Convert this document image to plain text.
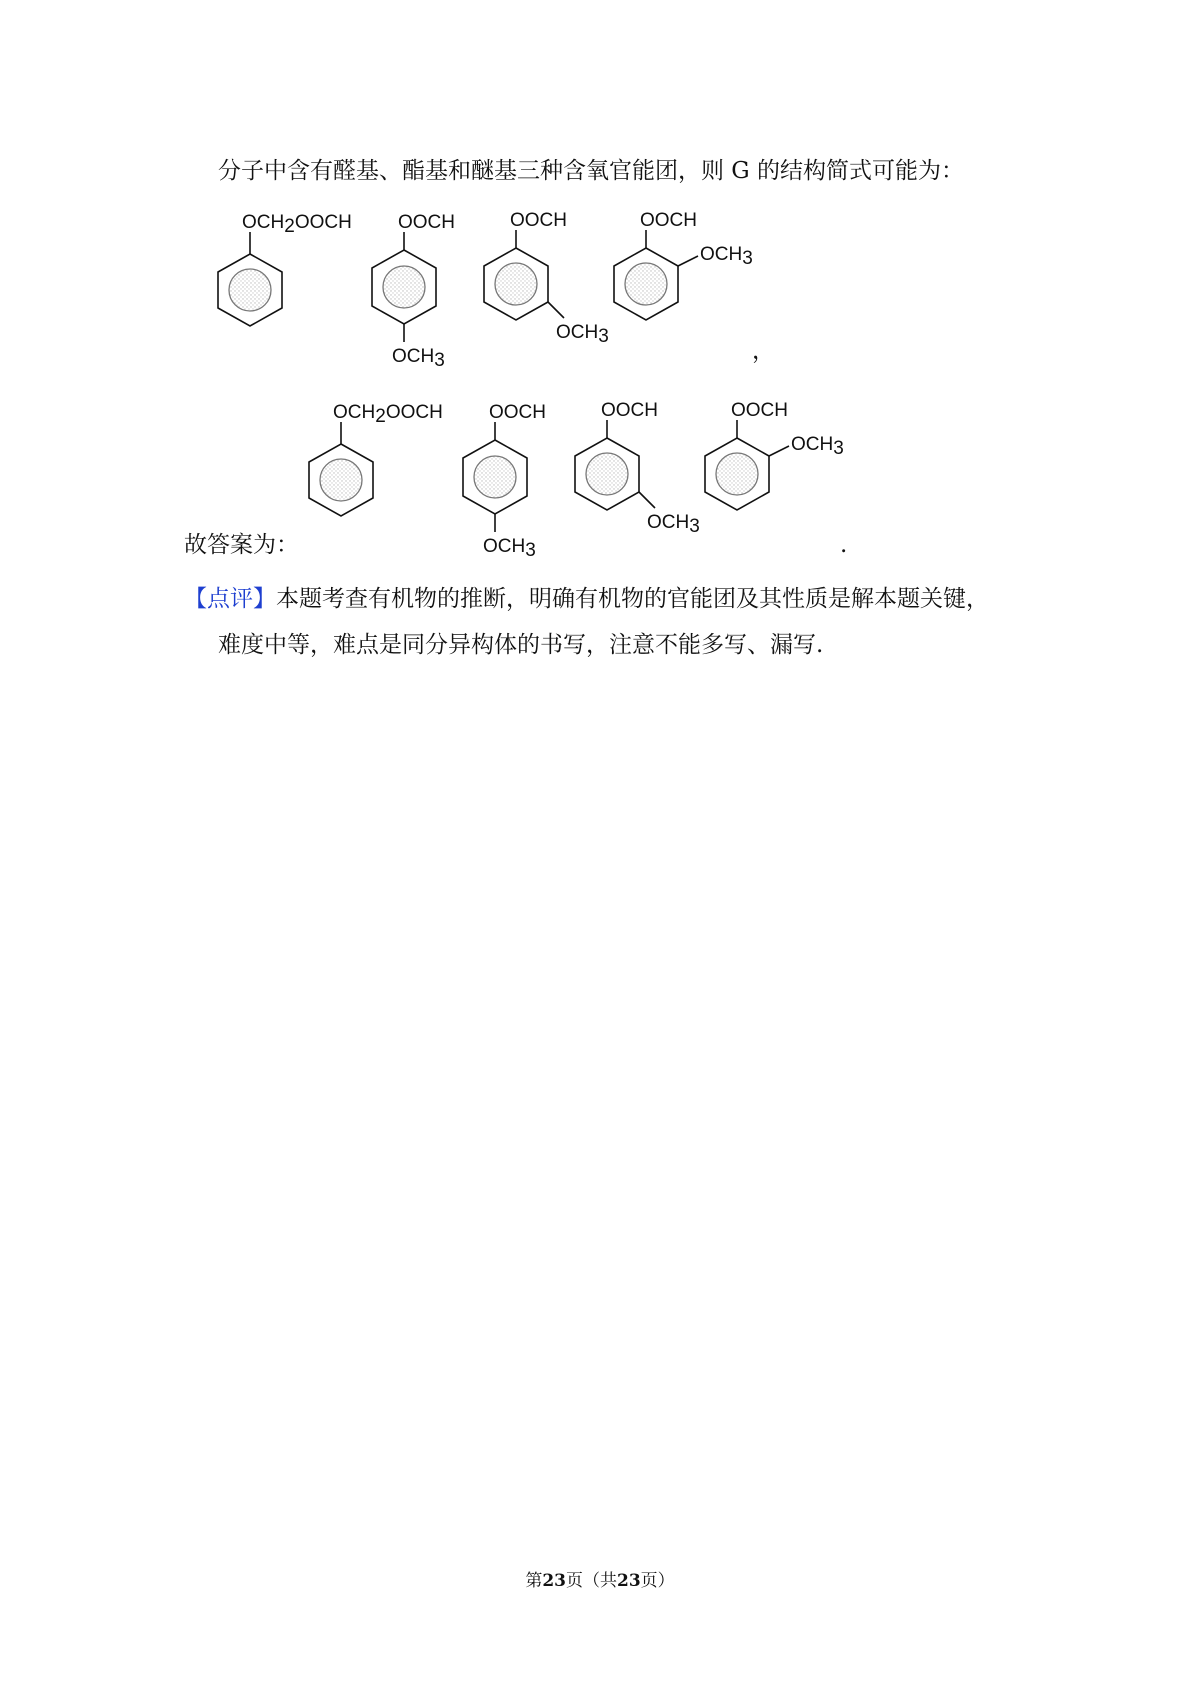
分子中含有醛基、酯基和醚基三种含氧官能团，则 G 的结构简式可能为：
OCH2OOCH OOCH
OCH3
OOCH
OCH3
OOCH
OCH3
，
OCH2OOCH OOCH
OCH3
OOCH
OCH3
OOCH
OCH3
故答案为：	.
【点评】本题考查有机物的推断，明确有机物的官能团及其性质是解本题关键，
难度中等，难点是同分异构体的书写，注意不能多写、漏写.
第23页（共23页）
